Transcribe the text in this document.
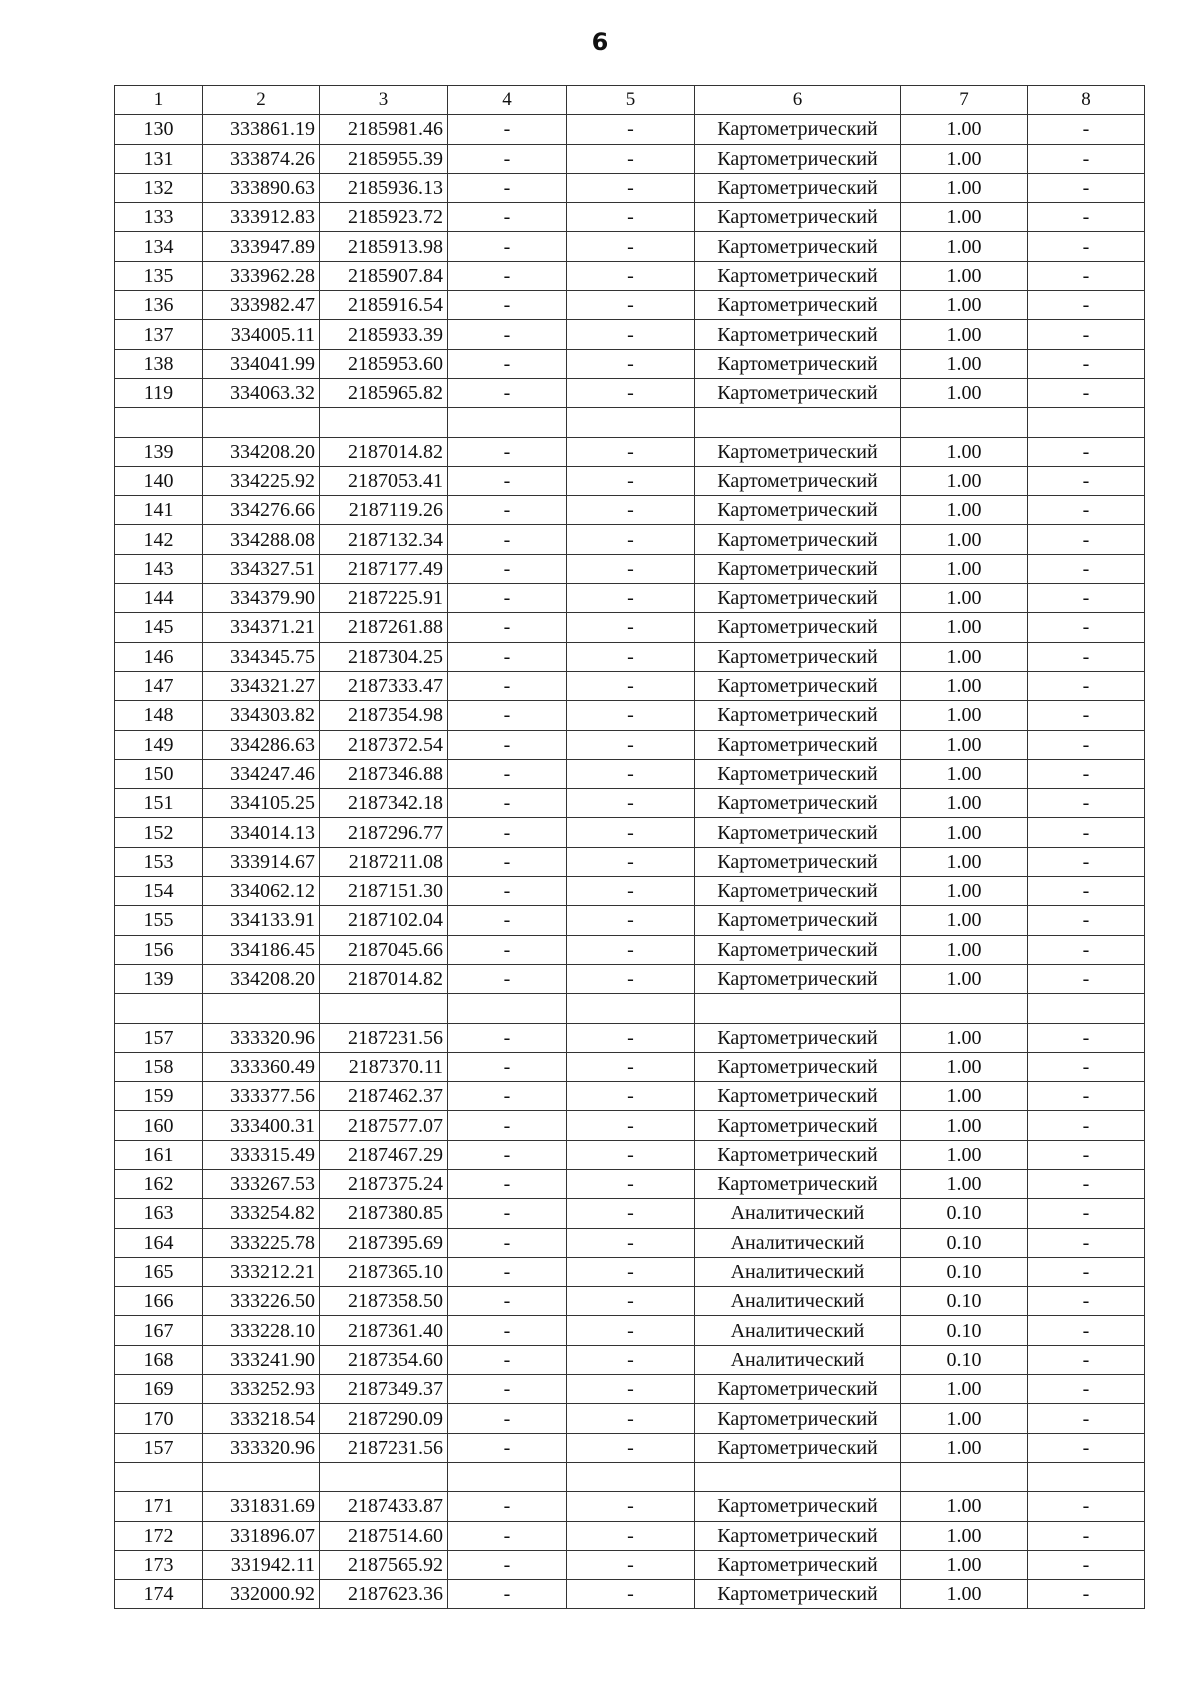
6
1	2	3	4	5	6	7	8
130	333861.19	2185981.46	-	-	Картометрический	1.00	-
131	333874.26	2185955.39	-	-	Картометрический	1.00	-
132	333890.63	2185936.13	-	-	Картометрический	1.00	-
133	333912.83	2185923.72	-	-	Картометрический	1.00	-
134	333947.89	2185913.98	-	-	Картометрический	1.00	-
135	333962.28	2185907.84	-	-	Картометрический	1.00	-
136	333982.47	2185916.54	-	-	Картометрический	1.00	-
137	334005.11	2185933.39	-	-	Картометрический	1.00	-
138	334041.99	2185953.60	-	-	Картометрический	1.00	-
119	334063.32	2185965.82	-	-	Картометрический	1.00	-

139	334208.20	2187014.82	-	-	Картометрический	1.00	-
140	334225.92	2187053.41	-	-	Картометрический	1.00	-
141	334276.66	2187119.26	-	-	Картометрический	1.00	-
142	334288.08	2187132.34	-	-	Картометрический	1.00	-
143	334327.51	2187177.49	-	-	Картометрический	1.00	-
144	334379.90	2187225.91	-	-	Картометрический	1.00	-
145	334371.21	2187261.88	-	-	Картометрический	1.00	-
146	334345.75	2187304.25	-	-	Картометрический	1.00	-
147	334321.27	2187333.47	-	-	Картометрический	1.00	-
148	334303.82	2187354.98	-	-	Картометрический	1.00	-
149	334286.63	2187372.54	-	-	Картометрический	1.00	-
150	334247.46	2187346.88	-	-	Картометрический	1.00	-
151	334105.25	2187342.18	-	-	Картометрический	1.00	-
152	334014.13	2187296.77	-	-	Картометрический	1.00	-
153	333914.67	2187211.08	-	-	Картометрический	1.00	-
154	334062.12	2187151.30	-	-	Картометрический	1.00	-
155	334133.91	2187102.04	-	-	Картометрический	1.00	-
156	334186.45	2187045.66	-	-	Картометрический	1.00	-
139	334208.20	2187014.82	-	-	Картометрический	1.00	-

157	333320.96	2187231.56	-	-	Картометрический	1.00	-
158	333360.49	2187370.11	-	-	Картометрический	1.00	-
159	333377.56	2187462.37	-	-	Картометрический	1.00	-
160	333400.31	2187577.07	-	-	Картометрический	1.00	-
161	333315.49	2187467.29	-	-	Картометрический	1.00	-
162	333267.53	2187375.24	-	-	Картометрический	1.00	-
163	333254.82	2187380.85	-	-	Аналитический	0.10	-
164	333225.78	2187395.69	-	-	Аналитический	0.10	-
165	333212.21	2187365.10	-	-	Аналитический	0.10	-
166	333226.50	2187358.50	-	-	Аналитический	0.10	-
167	333228.10	2187361.40	-	-	Аналитический	0.10	-
168	333241.90	2187354.60	-	-	Аналитический	0.10	-
169	333252.93	2187349.37	-	-	Картометрический	1.00	-
170	333218.54	2187290.09	-	-	Картометрический	1.00	-
157	333320.96	2187231.56	-	-	Картометрический	1.00	-

171	331831.69	2187433.87	-	-	Картометрический	1.00	-
172	331896.07	2187514.60	-	-	Картометрический	1.00	-
173	331942.11	2187565.92	-	-	Картометрический	1.00	-
174	332000.92	2187623.36	-	-	Картометрический	1.00	-
